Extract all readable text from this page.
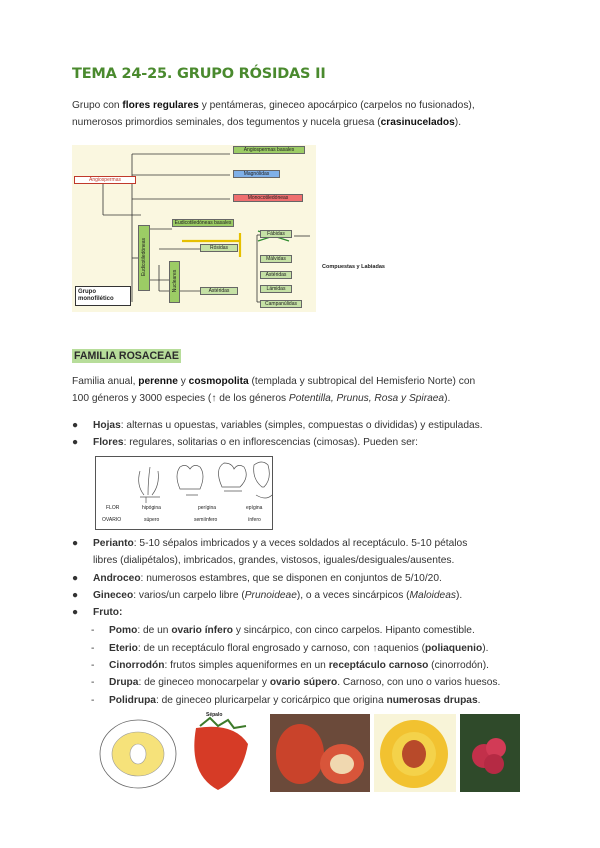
TEMA 24-25. GRUPO RÓSIDAS II
Grupo con flores regulares y pentámeras, gineceo apocárpico (carpelos no fusionados),
numerosos primordios seminales, dos tegumentos y nucela gruesa (crasinucelados).
Angiospermas
Angiospermas basales
Magnólidas
Monocotiledóneas
Eudicotiledóneas
Eudicotiledóneas basales
Nucleares
Rósidas
Fábidas
Málvidas
Astéridas
Astéridas
Lámidas
Campanúlidas
Grupo monofilético
Compuestas y Labiadas
FAMILIA ROSACEAE
Familia anual, perenne y cosmopolita (templada y subtropical del Hemisferio Norte) con
100 géneros y 3000 especies (↑ de los géneros Potentilla, Prunus, Rosa y Spiraea).
● Hojas: alternas u opuestas, variables (simples, compuestas o divididas) y estipuladas.
● Flores: regulares, solitarias o en inflorescencias (cimosas). Pueden ser:
FLOR	hipógina	perígina	epígina
OVARIO	súpero	semiínfero	ínfero
● Perianto: 5-10 sépalos imbricados y a veces soldados al receptáculo. 5-10 pétalos
libres (dialipétalos), imbricados, grandes, vistosos, iguales/desiguales/ausentes.
● Androceo: numerosos estambres, que se disponen en conjuntos de 5/10/20.
● Gineceo: varios/un carpelo libre (Prunoideae), o a veces sincárpicos (Maloideas).
● Fruto:
- Pomo: de un ovario ínfero y sincárpico, con cinco carpelos. Hipanto comestible.
- Eterio: de un receptáculo floral engrosado y carnoso, con ↑aquenios (poliaquenio).
- Cinorrodón: frutos simples aqueniformes en un receptáculo carnoso (cinorrodón).
- Drupa: de gineceo monocarpelar y ovario súpero. Carnoso, con uno o varios huesos.
- Polidrupa: de gineceo pluricarpelar y coricárpico que origina numerosas drupas.
Sépalo
